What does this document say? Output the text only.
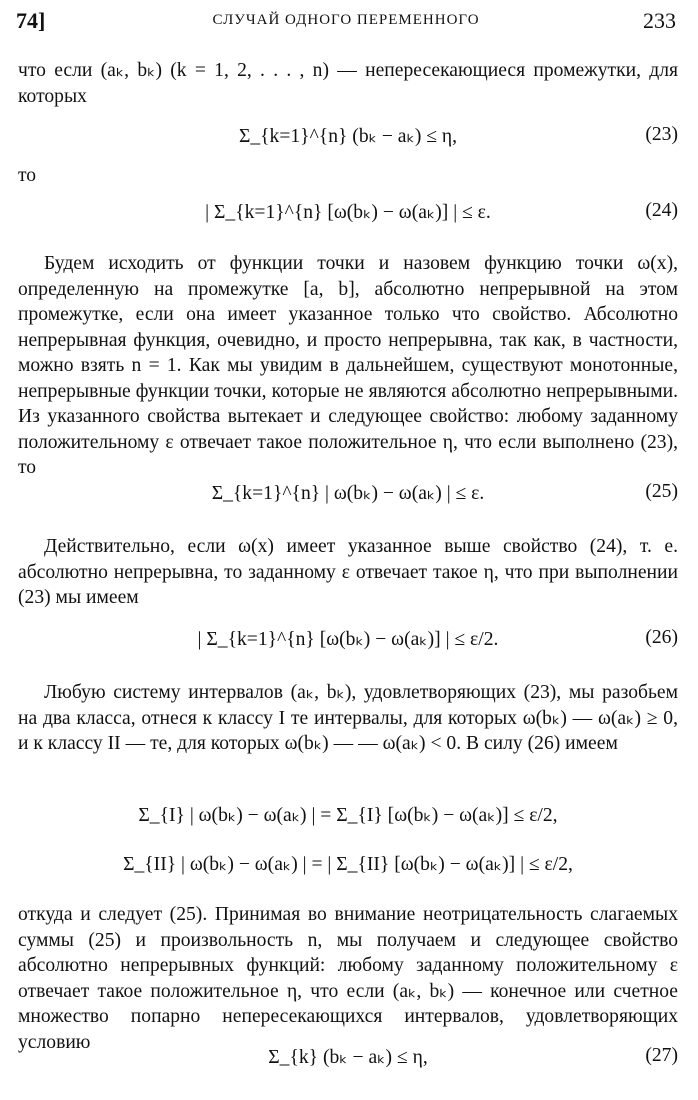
74]	СЛУЧАЙ ОДНОГО ПЕРЕМЕННОГО	233

что если (aₖ, bₖ) (k = 1, 2, . . . , n) — непересекающиеся промежутки, для которых

Σ_{k=1}^{n} (bₖ − aₖ) ≤ η,	(23)

то

| Σ_{k=1}^{n} [ω(bₖ) − ω(aₖ)] | ≤ ε.	(24)

Будем исходить от функции точки и назовем функцию точки ω(x), определенную на промежутке [a, b], абсолютно непрерывной на этом промежутке, если она имеет указанное только что свойство. Абсолютно непрерывная функция, очевидно, и просто непрерывна, так как, в частности, можно взять n = 1. Как мы увидим в дальнейшем, существуют монотонные, непрерывные функции точки, которые не являются абсолютно непрерывными. Из указанного свойства вытекает и следующее свойство: любому заданному положительному ε отвечает такое положительное η, что если выполнено (23), то

Σ_{k=1}^{n} | ω(bₖ) − ω(aₖ) | ≤ ε.	(25)

Действительно, если ω(x) имеет указанное выше свойство (24), т. е. абсолютно непрерывна, то заданному ε отвечает такое η, что при выполнении (23) мы имеем

| Σ_{k=1}^{n} [ω(bₖ) − ω(aₖ)] | ≤ ε/2.	(26)

Любую систему интервалов (aₖ, bₖ), удовлетворяющих (23), мы разобьем на два класса, отнеся к классу I те интервалы, для которых ω(bₖ) — ω(aₖ) ≥ 0, и к классу II — те, для которых ω(bₖ) — — ω(aₖ) < 0. В силу (26) имеем

Σ_{I} | ω(bₖ) − ω(aₖ) | = Σ_{I} [ω(bₖ) − ω(aₖ)] ≤ ε/2,
Σ_{II} | ω(bₖ) − ω(aₖ) | = | Σ_{II} [ω(bₖ) − ω(aₖ)] | ≤ ε/2,

откуда и следует (25). Принимая во внимание неотрицательность слагаемых суммы (25) и произвольность n, мы получаем и следующее свойство абсолютно непрерывных функций: любому заданному положительному ε отвечает такое положительное η, что если (aₖ, bₖ) — конечное или счетное множество попарно непересекающихся интервалов, удовлетворяющих условию

Σ_{k} (bₖ − aₖ) ≤ η,	(27)
